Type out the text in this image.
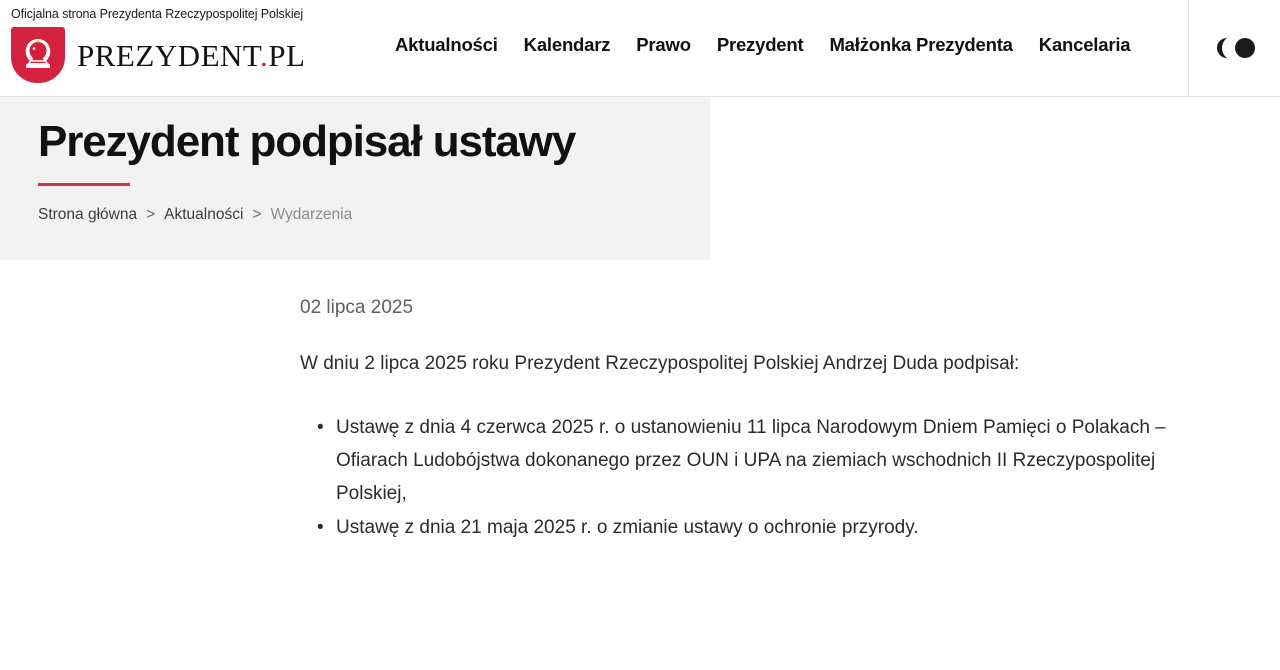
Oficjalna strona Prezydenta Rzeczypospolitej Polskiej
PREZYDENT.PL	Aktualności Kalendarz Prawo Prezydent Małżonka Prezydenta Kancelaria
Prezydent podpisał ustawy
Strona główna > Aktualności > Wydarzenia
02 lipca 2025

W dniu 2 lipca 2025 roku Prezydent Rzeczypospolitej Polskiej Andrzej Duda podpisał:

• Ustawę z dnia 4 czerwca 2025 r. o ustanowieniu 11 lipca Narodowym Dniem Pamięci o Polakach – Ofiarach Ludobójstwa dokonanego przez OUN i UPA na ziemiach wschodnich II Rzeczypospolitej Polskiej,
• Ustawę z dnia 21 maja 2025 r. o zmianie ustawy o ochronie przyrody.
